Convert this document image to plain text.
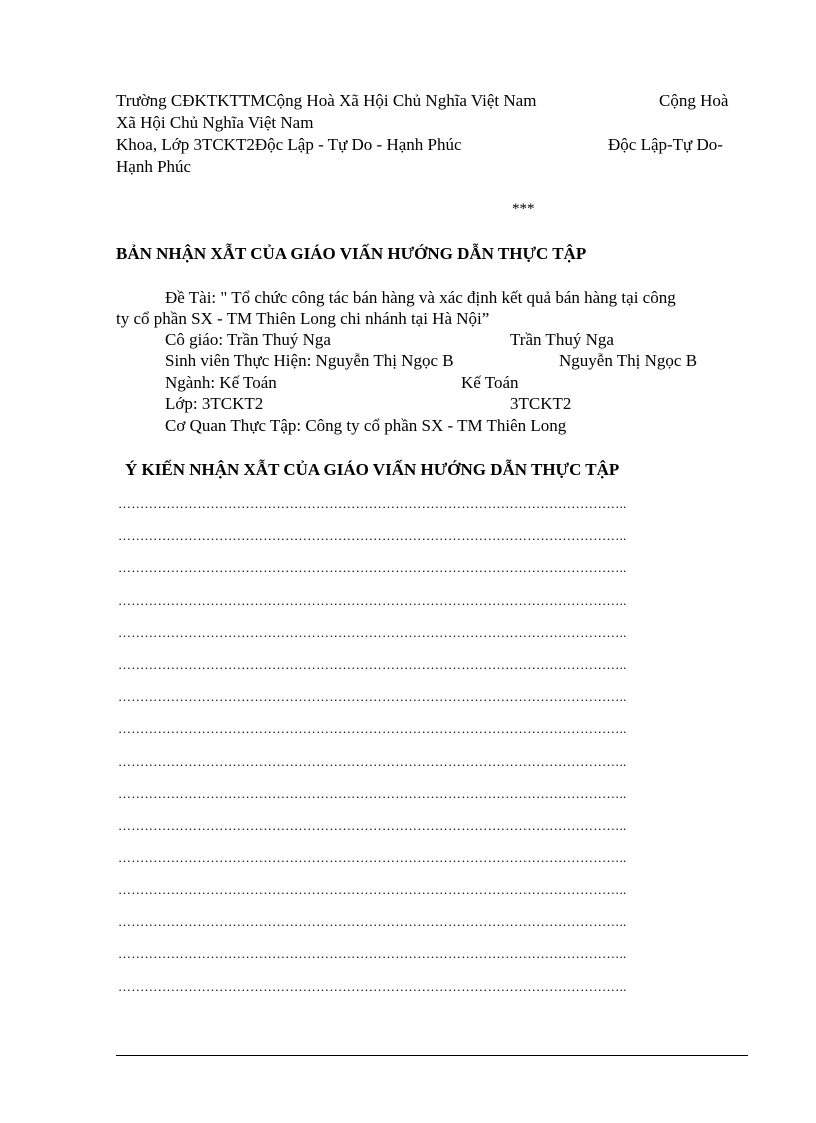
Trường CĐKTKTTMCộng Hoà Xã Hội Chủ Nghĩa Việt Nam	Cộng Hoà
Xã Hội Chủ Nghĩa Việt Nam
Khoa, Lớp 3TCKT2Độc Lập - Tự Do - Hạnh Phúc	Độc Lập-Tự Do-
Hạnh Phúc
***
BẢN NHẬN XẪT CỦA GIÁO VIẤN HƯỚNG DẪN THỰC TẬP
Đề Tài: " Tổ chức công tác bán hàng và xác định kết quả bán hàng tại công
ty cổ phần SX - TM Thiên Long chi nhánh tại Hà Nội”
Cô giáo: Trần Thuý Nga	Trần Thuý Nga
Sinh viên Thực Hiện: Nguyễn Thị Ngọc B	Nguyễn Thị Ngọc B
Ngành: Kế Toán	Kế Toán
Lớp: 3TCKT2	3TCKT2
Cơ Quan Thực Tập: Công ty cổ phần SX - TM Thiên Long
Ý KIẾN NHẬN XẪT CỦA GIÁO VIẤN HƯỚNG DẪN THỰC TẬP
……………………………………………………………………………………………………..
……………………………………………………………………………………………………..
……………………………………………………………………………………………………..
……………………………………………………………………………………………………..
……………………………………………………………………………………………………..
……………………………………………………………………………………………………..
……………………………………………………………………………………………………..
……………………………………………………………………………………………………..
……………………………………………………………………………………………………..
……………………………………………………………………………………………………..
……………………………………………………………………………………………………..
……………………………………………………………………………………………………..
……………………………………………………………………………………………………..
……………………………………………………………………………………………………..
……………………………………………………………………………………………………..
……………………………………………………………………………………………………..
